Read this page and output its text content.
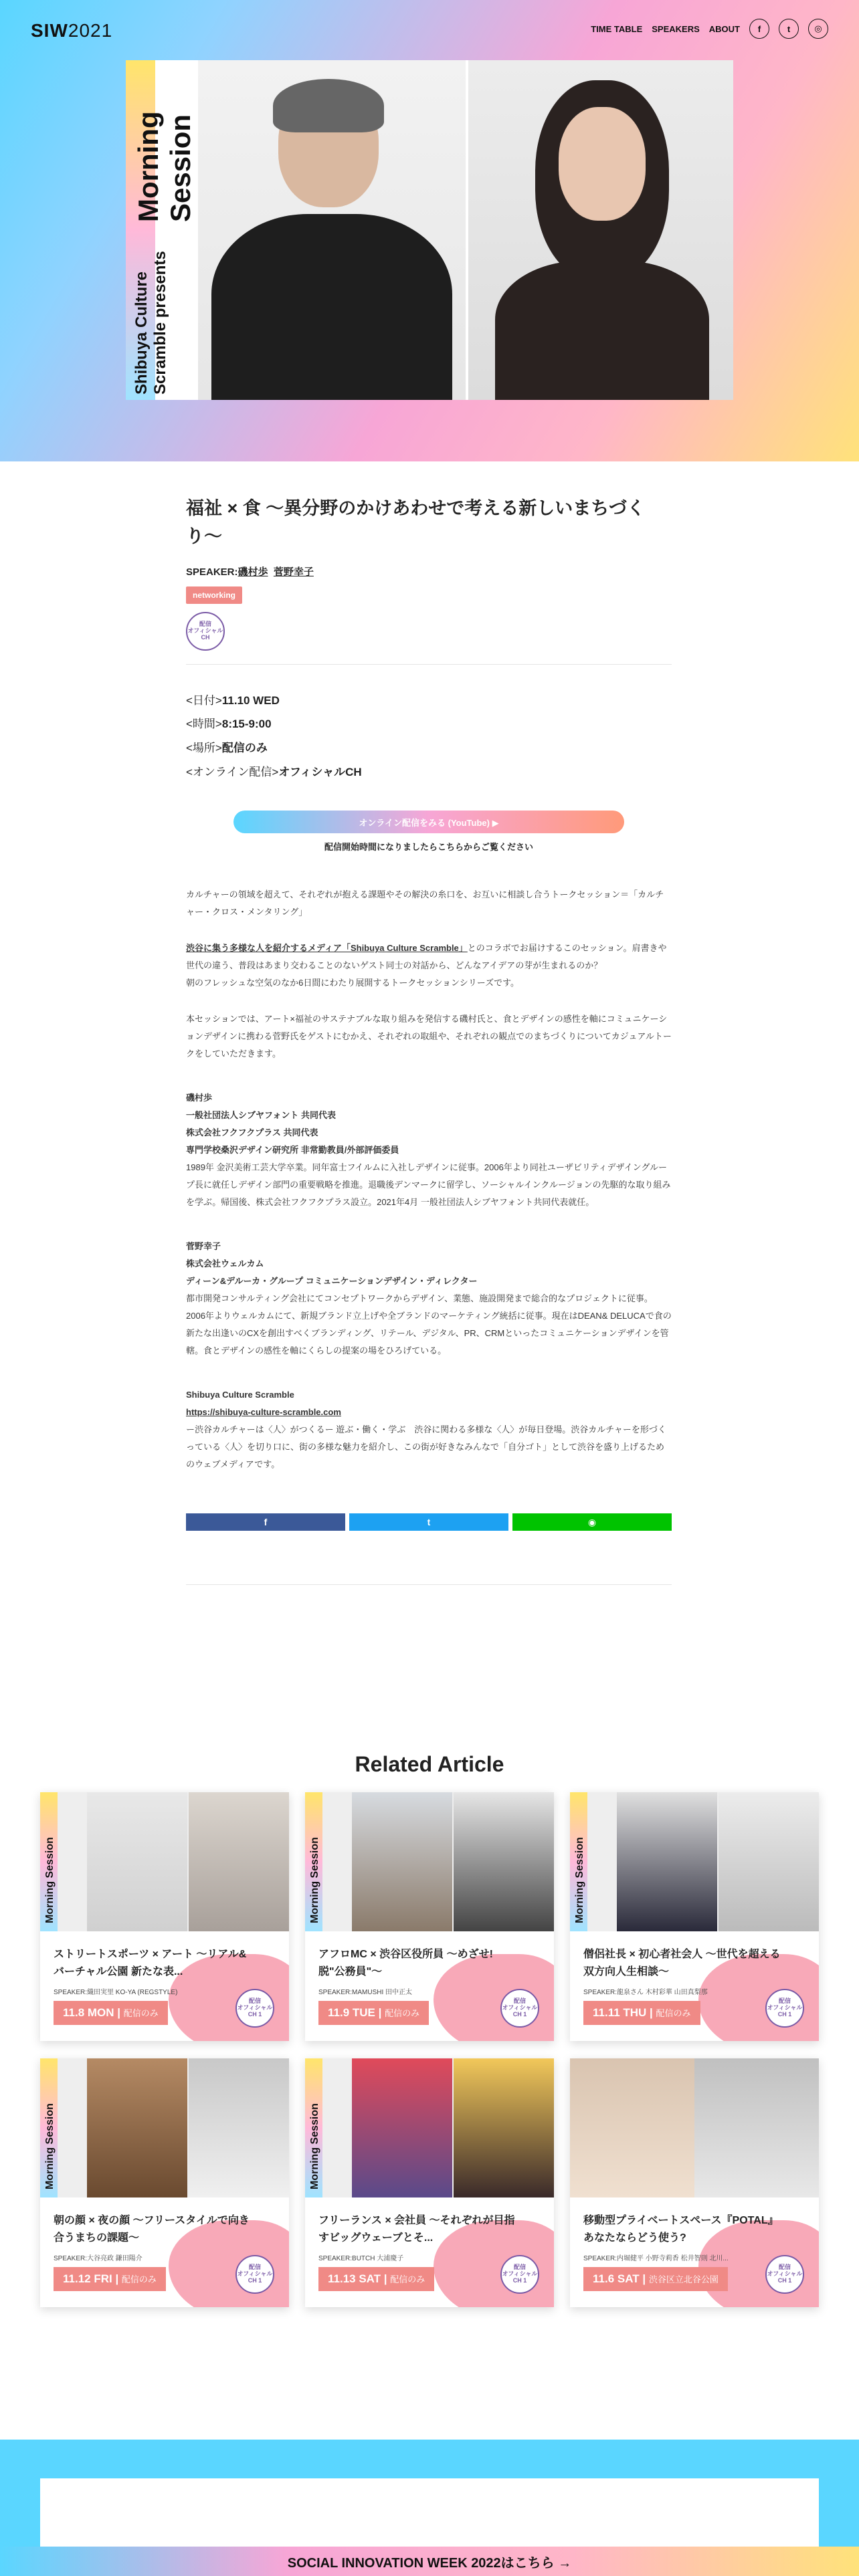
SIW2021	TIME TABLE SPEAKERS ABOUT	f	t	◎
Shibuya Culture Scramble presents
Morning Session
福祉 × 食 〜異分野のかけあわせで考える新しいまちづくり〜
SPEAKER:磯村歩 菅野幸子
networking
配信
オフィシャル
CH

<日付>11.10 WED

<時間>8:15-9:00

<場所>配信のみ

<オンライン配信>オフィシャルCH

オンライン配信をみる (YouTube) ▶
配信開始時間になりましたらこちらからご覧ください

カルチャーの領域を超えて、それぞれが抱える課題やその解決の糸口を、お互いに相談し合うトークセッション＝「カルチャー・クロス・メンタリング」

渋谷に集う多様な人を紹介するメディア「Shibuya Culture Scramble」とのコラボでお届けするこのセッション。肩書きや世代の違う、普段はあまり交わることのないゲスト同士の対話から、どんなアイデアの芽が生まれるのか？
朝のフレッシュな空気のなか6日間にわたり展開するトークセッションシリーズです。

本セッションでは、アート×福祉のサステナブルな取り組みを発信する磯村氏と、食とデザインの感性を軸にコミュニケーションデザインに携わる菅野氏をゲストにむかえ、それぞれの取組や、それぞれの観点でのまちづくりについてカジュアルトークをしていただきます。

磯村歩
一般社団法人シブヤフォント 共同代表
株式会社フクフクプラス 共同代表
専門学校桑沢デザイン研究所 非常勤教員/外部評価委員
1989年 金沢美術工芸大学卒業。同年富士フイルムに入社しデザインに従事。2006年より同社ユーザビリティデザイングループ長に就任しデザイン部門の重要戦略を推進。退職後デンマークに留学し、ソーシャルインクルージョンの先駆的な取り組みを学ぶ。帰国後、株式会社フクフクプラス設立。2021年4月 一般社団法人シブヤフォント共同代表就任。

菅野幸子
株式会社ウェルカム
ディーン&デルーカ・グループ コミュニケーションデザイン・ディレクター
都市開発コンサルティング会社にてコンセプトワークからデザイン、業態、施設開発まで総合的なプロジェクトに従事。2006年よりウェルカムにて、新規ブランド立上げや全ブランドのマーケティング統括に従事。現在はDEAN& DELUCAで食の新たな出逢いのCXを創出すべくブランディング、リテール、デジタル、PR、CRMといったコミュニケーションデザインを管轄。食とデザインの感性を軸にくらしの提案の場をひろげている。

Shibuya Culture Scramble
https://shibuya-culture-scramble.com
ー渋谷カルチャーは〈人〉がつくるー 遊ぶ・働く・学ぶ　渋谷に関わる多様な〈人〉が毎日登場。渋谷カルチャーを形づくっている〈人〉を切り口に、街の多様な魅力を紹介し、この街が好きなみんなで「自分ゴト」として渋谷を盛り上げるためのウェブメディアです。

f	t	◉
Related Article
Morning Session
ストリートスポーツ × アート 〜リアル&バーチャル公園 新たな表...
SPEAKER:織田実里 KO-YA (REGSTYLE)
11.8 MON | 配信のみ
配信
オフィシャル
CH 1
Morning Session
アフロMC × 渋谷区役所員 〜めざせ!脱"公務員"〜
SPEAKER:MAMUSHI 田中正太
11.9 TUE | 配信のみ
配信
オフィシャル
CH 1
Morning Session
僧侶社長 × 初心者社会人 〜世代を超える双方向人生相談〜
SPEAKER:龍泉さん 木村彩華 山田真梨那
11.11 THU | 配信のみ
配信
オフィシャル
CH 1
Morning Session
朝の顔 × 夜の顔 〜フリースタイルで向き合うまちの課題〜
SPEAKER:大谷亮政 鎌田陽介
11.12 FRI | 配信のみ
配信
オフィシャル
CH 1
Morning Session
フリーランス × 会社員 〜それぞれが目指すビッグウェーブとそ...
SPEAKER:BUTCH 大浦慶子
11.13 SAT | 配信のみ
配信
オフィシャル
CH 1
移動型プライベートスペース『POTAL』あなたならどう使う?
SPEAKER:内堀健平 小野寺莉香 松井智則 北川...
11.6 SAT | 渋谷区立北谷公園
配信
オフィシャル
CH 1
SOCIAL INNOVATION WEEK 2022はこちら →
